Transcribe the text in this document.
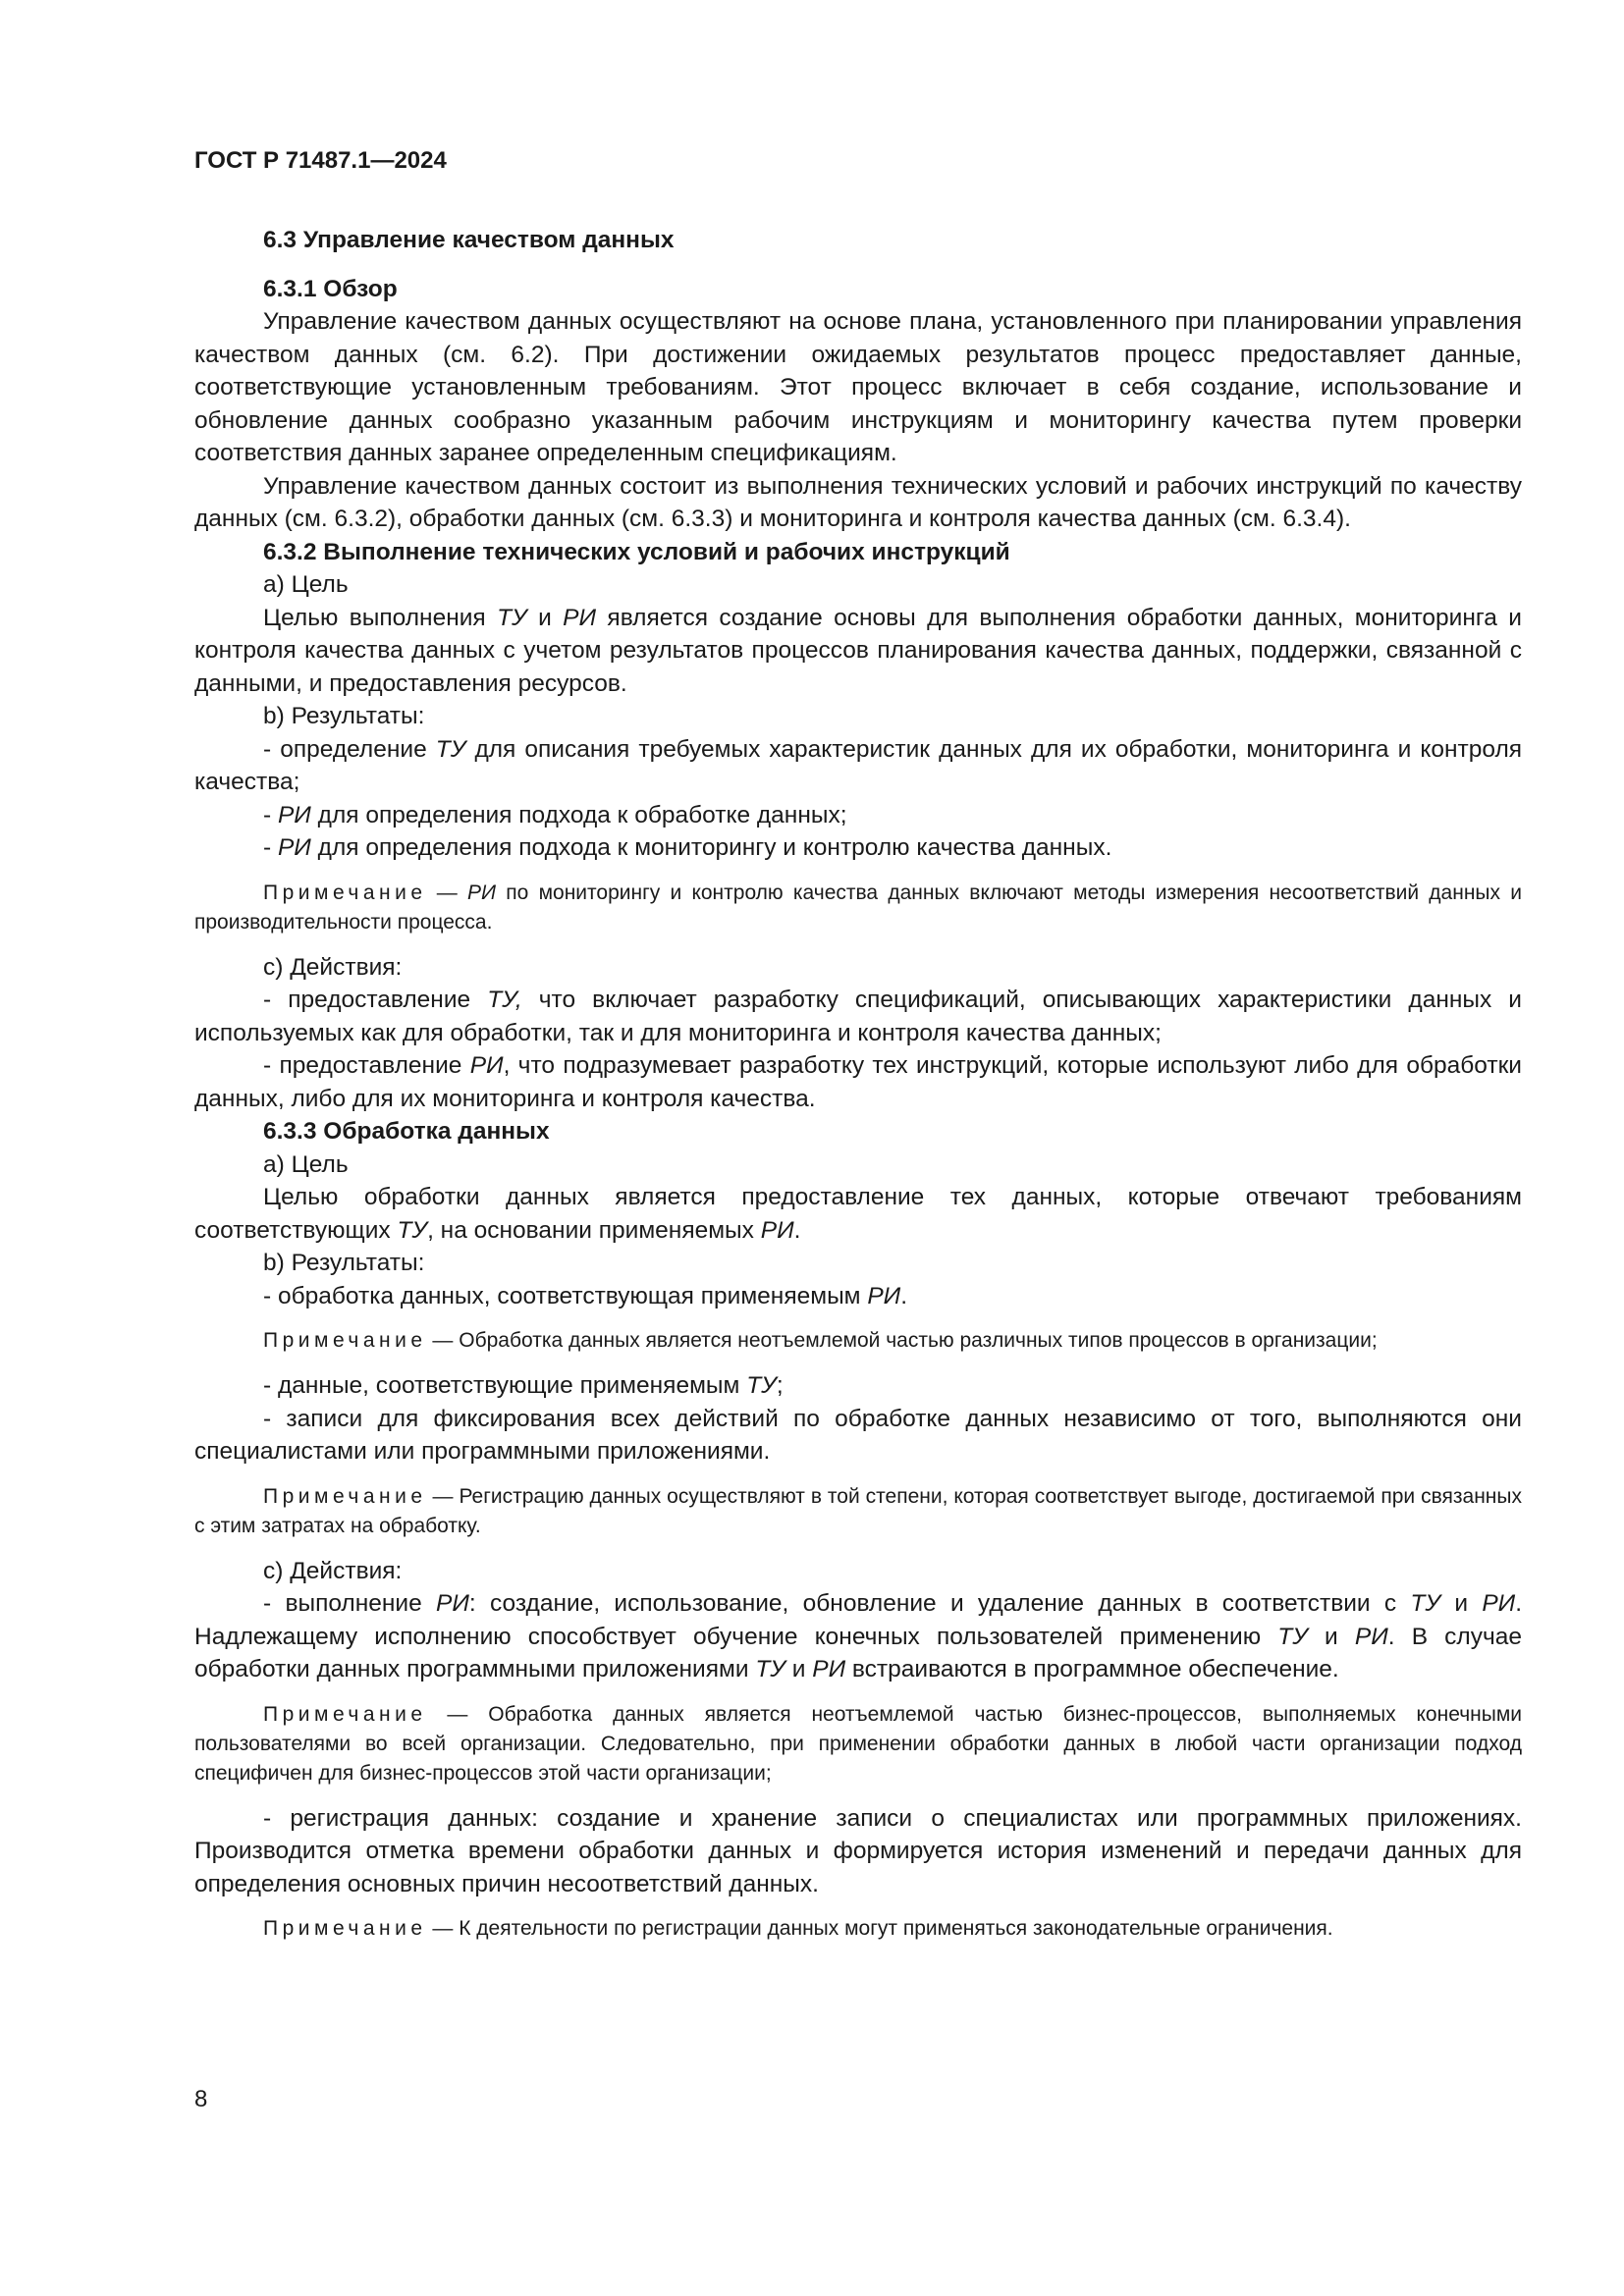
ГОСТ Р 71487.1—2024

6.3 Управление качеством данных

6.3.1 Обзор

Управление качеством данных осуществляют на основе плана, установленного при планировании управления качеством данных (см. 6.2). При достижении ожидаемых результатов процесс предоставляет данные, соответствующие установленным требованиям. Этот процесс включает в себя создание, использование и обновление данных сообразно указанным рабочим инструкциям и мониторингу качества путем проверки соответствия данных заранее определенным спецификациям.

Управление качеством данных состоит из выполнения технических условий и рабочих инструкций по качеству данных (см. 6.3.2), обработки данных (см. 6.3.3) и мониторинга и контроля качества данных (см. 6.3.4).

6.3.2 Выполнение технических условий и рабочих инструкций

а) Цель

Целью выполнения ТУ и РИ является создание основы для выполнения обработки данных, мониторинга и контроля качества данных с учетом результатов процессов планирования качества данных, поддержки, связанной с данными, и предоставления ресурсов.

b) Результаты:

- определение ТУ для описания требуемых характеристик данных для их обработки, мониторинга и контроля качества;

- РИ для определения подхода к обработке данных;

- РИ для определения подхода к мониторингу и контролю качества данных.

Примечание — РИ по мониторингу и контролю качества данных включают методы измерения несоответствий данных и производительности процесса.

с) Действия:

- предоставление ТУ, что включает разработку спецификаций, описывающих характеристики данных и используемых как для обработки, так и для мониторинга и контроля качества данных;

- предоставление РИ, что подразумевает разработку тех инструкций, которые используют либо для обработки данных, либо для их мониторинга и контроля качества.

6.3.3 Обработка данных

а) Цель

Целью обработки данных является предоставление тех данных, которые отвечают требованиям соответствующих ТУ, на основании применяемых РИ.

b) Результаты:

- обработка данных, соответствующая применяемым РИ.

Примечание — Обработка данных является неотъемлемой частью различных типов процессов в организации;

- данные, соответствующие применяемым ТУ;

- записи для фиксирования всех действий по обработке данных независимо от того, выполняются они специалистами или программными приложениями.

Примечание — Регистрацию данных осуществляют в той степени, которая соответствует выгоде, достигаемой при связанных с этим затратах на обработку.

с) Действия:

- выполнение РИ: создание, использование, обновление и удаление данных в соответствии с ТУ и РИ. Надлежащему исполнению способствует обучение конечных пользователей применению ТУ и РИ. В случае обработки данных программными приложениями ТУ и РИ встраиваются в программное обеспечение.

Примечание — Обработка данных является неотъемлемой частью бизнес-процессов, выполняемых конечными пользователями во всей организации. Следовательно, при применении обработки данных в любой части организации подход специфичен для бизнес-процессов этой части организации;

- регистрация данных: создание и хранение записи о специалистах или программных приложениях. Производится отметка времени обработки данных и формируется история изменений и передачи данных для определения основных причин несоответствий данных.

Примечание — К деятельности по регистрации данных могут применяться законодательные ограничения.

8
